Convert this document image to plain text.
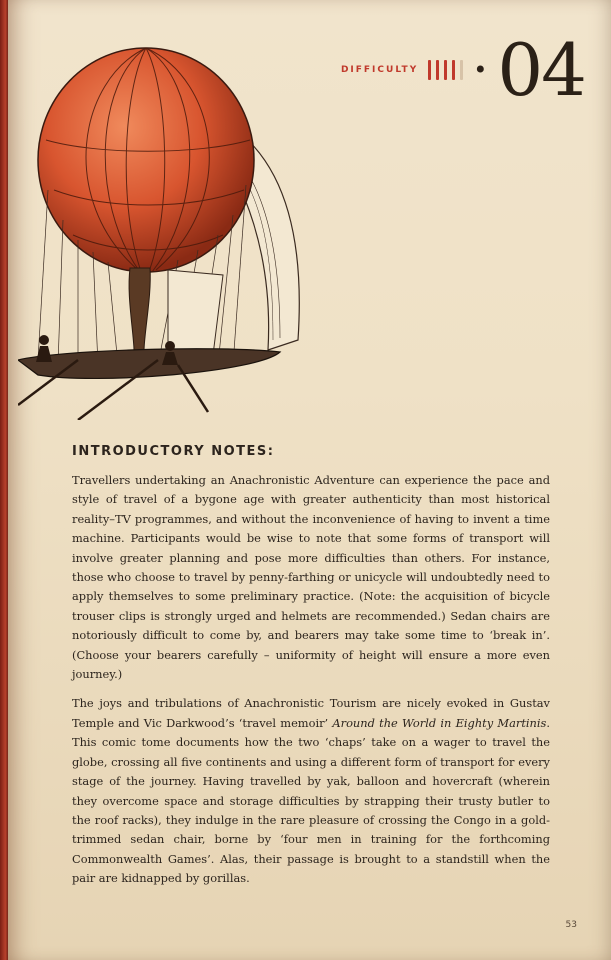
DIFFICULTY • 04
INTRODUCTORY NOTES:

Travellers undertaking an Anachronistic Adventure can experience the pace and style of travel of a bygone age with greater authenticity than most historical reality–TV programmes, and without the inconvenience of having to invent a time machine. Participants would be wise to note that some forms of transport will involve greater planning and pose more difficulties than others. For instance, those who choose to travel by penny-farthing or unicycle will undoubtedly need to apply themselves to some preliminary practice. (Note: the acquisition of bicycle trouser clips is strongly urged and helmets are recommended.) Sedan chairs are notoriously difficult to come by, and bearers may take some time to ‘break in’. (Choose your bearers carefully – uniformity of height will ensure a more even journey.)

The joys and tribulations of Anachronistic Tourism are nicely evoked in Gustav Temple and Vic Darkwood’s ‘travel memoir’ Around the World in Eighty Martinis. This comic tome documents how the two ‘chaps’ take on a wager to travel the globe, crossing all five continents and using a different form of transport for every stage of the journey. Having travelled by yak, balloon and hovercraft (wherein they overcome space and storage difficulties by strapping their trusty butler to the roof racks), they indulge in the rare pleasure of crossing the Congo in a gold-trimmed sedan chair, borne by ‘four men in training for the forthcoming Commonwealth Games’. Alas, their passage is brought to a standstill when the pair are kidnapped by gorillas.

53
